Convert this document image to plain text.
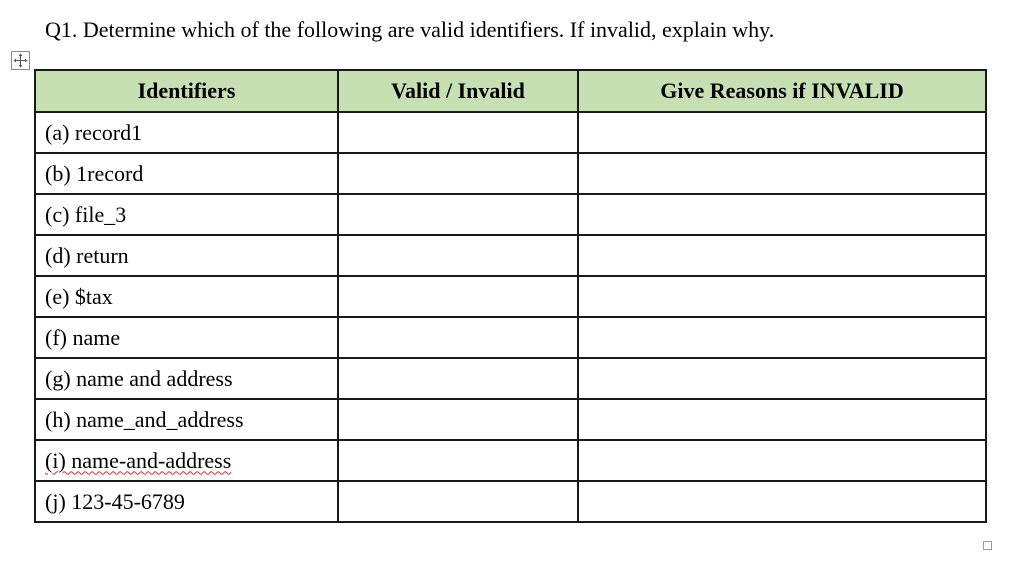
Q1. Determine which of the following are valid identifiers. If invalid, explain why.
Identifiers	Valid / Invalid	Give Reasons if INVALID
(a) record1		
(b) 1record		
(c) file_3		
(d) return		
(e) $tax		
(f) name		
(g) name and address		
(h) name_and_address		
(i) name-and-address		
(j) 123-45-6789		
